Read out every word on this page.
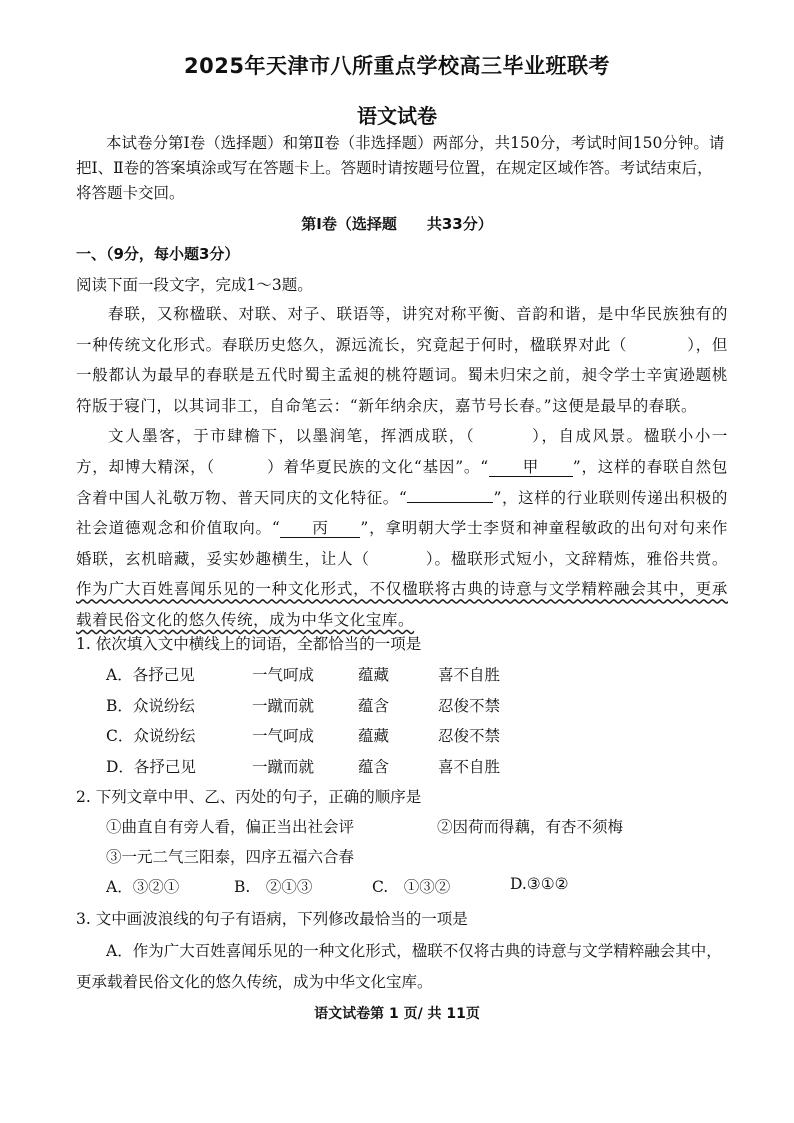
2025年天津市八所重点学校高三毕业班联考
语文试卷

本试卷分第Ⅰ卷（选择题）和第Ⅱ卷（非选择题）两部分，共150分，考试时间150分钟。请把Ⅰ、Ⅱ卷的答案填涂或写在答题卡上。答题时请按题号位置，在规定区域作答。考试结束后，将答题卡交回。

第Ⅰ卷（选择题　　共33分）
一、（9分，每小题3分）
阅读下面一段文字，完成1～3题。

春联，又称楹联、对联、对子、联语等，讲究对称平衡、音韵和谐，是中华民族独有的一种传统文化形式。春联历史悠久，源远流长，究竟起于何时，楹联界对此（	），但一般都认为最早的春联是五代时蜀主孟昶的桃符题词。蜀未归宋之前，昶令学士辛寅逊题桃符版于寝门，以其词非工，自命笔云：“新年纳余庆，嘉节号长春。”这便是最早的春联。

文人墨客，于市肆檐下，以墨润笔，挥洒成联，（	），自成风景。楹联小小一方，却博大精深，（	）着华夏民族的文化“基因”。“ 甲 ”，这样的春联自然包含着中国人礼敬万物、普天同庆的文化特征。“	”，这样的行业联则传递出积极的社会道德观念和价值取向。“ 丙 ”，拿明朝大学士李贤和神童程敏政的出句对句来作婚联，玄机暗藏，妥实妙趣横生，让人（	）。楹联形式短小，文辞精炼，雅俗共赏。作为广大百姓喜闻乐见的一种文化形式，不仅楹联将古典的诗意与文学精粹融会其中，更承载着民俗文化的悠久传统，成为中华文化宝库。

1. 依次填入文中横线上的词语，全都恰当的一项是
A．各抒己见	一气呵成	蕴藏	喜不自胜
B．众说纷纭	一蹴而就	蕴含	忍俊不禁
C．众说纷纭	一气呵成	蕴藏	忍俊不禁
D．各抒己见	一蹴而就	蕴含	喜不自胜
2. 下列文章中甲、乙、丙处的句子，正确的顺序是
①曲直自有旁人看，偏正当出社会评	②因荷而得藕，有杏不须梅
③一元二气三阳泰，四序五福六合春
A．③②①	B.　②①③	C.　①③②	D.③①②
3. 文中画波浪线的句子有语病，下列修改最恰当的一项是

A．作为广大百姓喜闻乐见的一种文化形式，楹联不仅将古典的诗意与文学精粹融会其中，更承载着民俗文化的悠久传统，成为中华文化宝库。

语文试卷第 1 页/ 共 11页
